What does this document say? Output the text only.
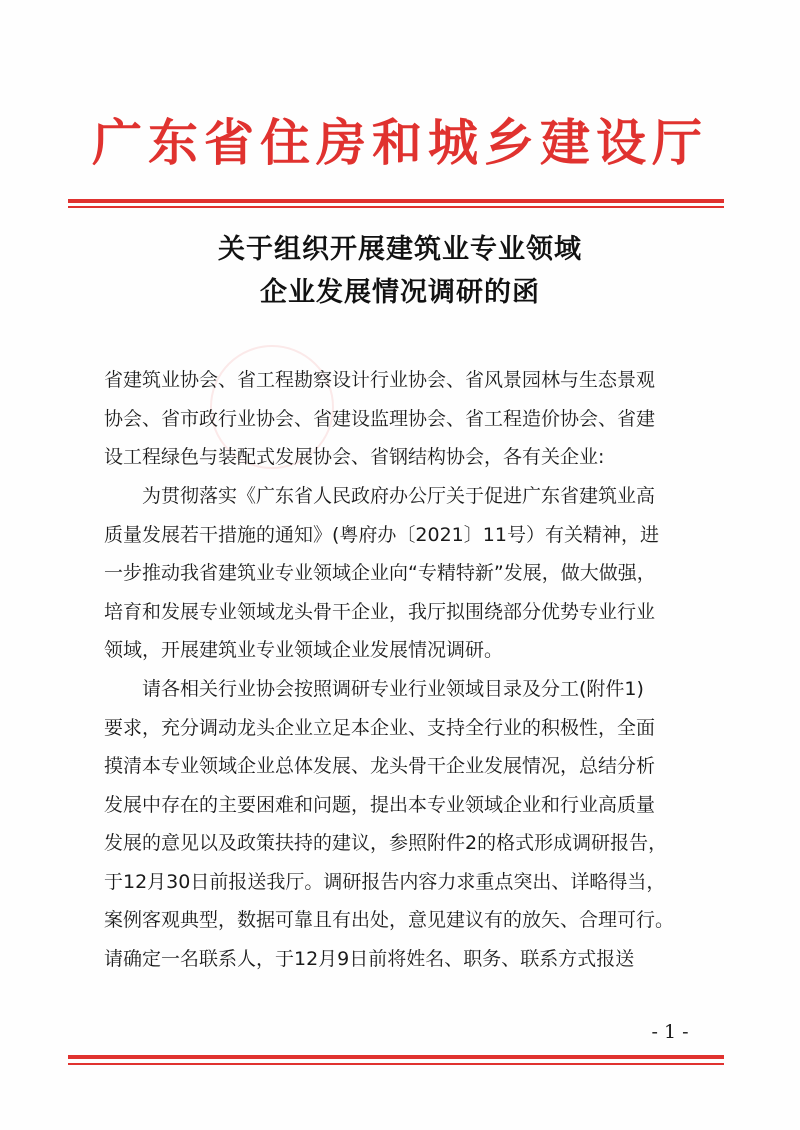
广东省住房和城乡建设厅
关于组织开展建筑业专业领域
企业发展情况调研的函
省建筑业协会、省工程勘察设计行业协会、省风景园林与生态景观
协会、省市政行业协会、省建设监理协会、省工程造价协会、省建
设工程绿色与装配式发展协会、省钢结构协会，各有关企业:
　　为贯彻落实《广东省人民政府办公厅关于促进广东省建筑业高
质量发展若干措施的通知》(粤府办〔2021〕11号）有关精神，进
一步推动我省建筑业专业领域企业向“专精特新”发展，做大做强，
培育和发展专业领域龙头骨干企业，我厅拟围绕部分优势专业行业
领域，开展建筑业专业领域企业发展情况调研。
　　请各相关行业协会按照调研专业行业领域目录及分工(附件1)
要求，充分调动龙头企业立足本企业、支持全行业的积极性，全面
摸清本专业领域企业总体发展、龙头骨干企业发展情况，总结分析
发展中存在的主要困难和问题，提出本专业领域企业和行业高质量
发展的意见以及政策扶持的建议，参照附件2的格式形成调研报告，
于12月30日前报送我厅。调研报告内容力求重点突出、详略得当，
案例客观典型，数据可靠且有出处，意见建议有的放矢、合理可行。
请确定一名联系人，于12月9日前将姓名、职务、联系方式报送
- 1 -
